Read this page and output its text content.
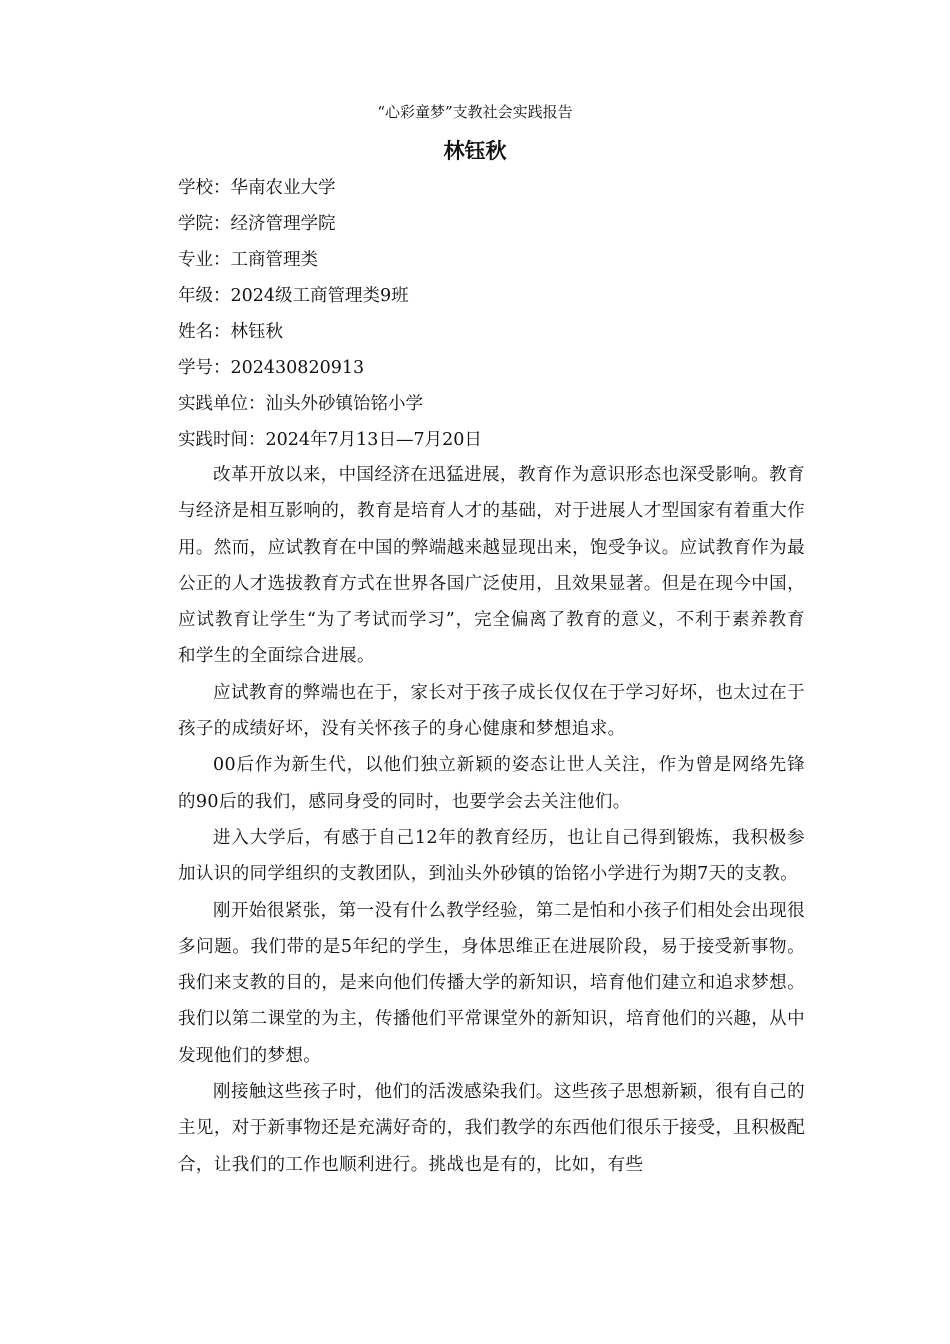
“心彩童梦”支教社会实践报告
林钰秋
学校：华南农业大学
学院：经济管理学院
专业：工商管理类
年级：2024级工商管理类9班
姓名：林钰秋
学号：202430820913
实践单位：汕头外砂镇饴铭小学
实践时间：2024年7月13日—7月20日

改革开放以来，中国经济在迅猛进展，教育作为意识形态也深受影响。教育与经济是相互影响的，教育是培育人才的基础，对于进展人才型国家有着重大作用。然而，应试教育在中国的弊端越来越显现出来，饱受争议。应试教育作为最公正的人才选拔教育方式在世界各国广泛使用，且效果显著。但是在现今中国，应试教育让学生“为了考试而学习”，完全偏离了教育的意义，不利于素养教育和学生的全面综合进展。

应试教育的弊端也在于，家长对于孩子成长仅仅在于学习好坏，也太过在于孩子的成绩好坏，没有关怀孩子的身心健康和梦想追求。

00后作为新生代，以他们独立新颖的姿态让世人关注，作为曾是网络先锋的90后的我们，感同身受的同时，也要学会去关注他们。

进入大学后，有感于自己12年的教育经历，也让自己得到锻炼，我积极参加认识的同学组织的支教团队，到汕头外砂镇的饴铭小学进行为期7天的支教。

刚开始很紧张，第一没有什么教学经验，第二是怕和小孩子们相处会出现很多问题。我们带的是5年纪的学生，身体思维正在进展阶段，易于接受新事物。我们来支教的目的，是来向他们传播大学的新知识，培育他们建立和追求梦想。我们以第二课堂的为主，传播他们平常课堂外的新知识，培育他们的兴趣，从中发现他们的梦想。

刚接触这些孩子时，他们的活泼感染我们。这些孩子思想新颖，很有自己的主见，对于新事物还是充满好奇的，我们教学的东西他们很乐于接受，且积极配合，让我们的工作也顺利进行。挑战也是有的，比如，有些
